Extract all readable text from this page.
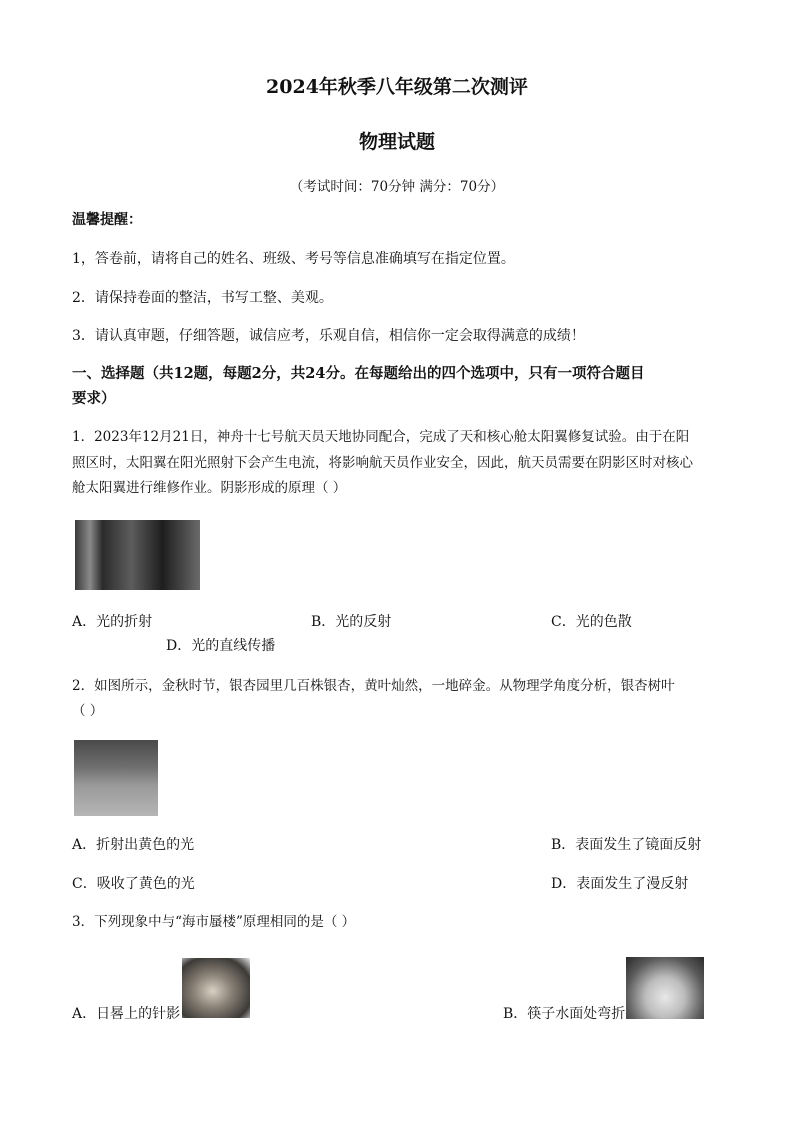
2024年秋季八年级第二次测评
物理试题
（考试时间：70分钟 满分：70分）
温馨提醒：
1，答卷前，请将自己的姓名、班级、考号等信息准确填写在指定位置。
2．请保持卷面的整洁，书写工整、美观。
3．请认真审题，仔细答题，诚信应考，乐观自信，相信你一定会取得满意的成绩！
一、选择题（共12题，每题2分，共24分。在每题给出的四个选项中，只有一项符合题目
要求）
1．2023年12月21日，神舟十七号航天员天地协同配合，完成了天和核心舱太阳翼修复试验。由于在阳
照区时，太阳翼在阳光照射下会产生电流，将影响航天员作业安全，因此，航天员需要在阴影区时对核心
舱太阳翼进行维修作业。阴影形成的原理（ ）
A．光的折射	B．光的反射	C．光的色散
D．光的直线传播
2．如图所示，金秋时节，银杏园里几百株银杏，黄叶灿然，一地碎金。从物理学角度分析，银杏树叶
（ ）
A．折射出黄色的光	B．表面发生了镜面反射
C．吸收了黄色的光	D．表面发生了漫反射
3．下列现象中与“海市蜃楼”原理相同的是（ ）
A．日晷上的针影	B．筷子水面处弯折
